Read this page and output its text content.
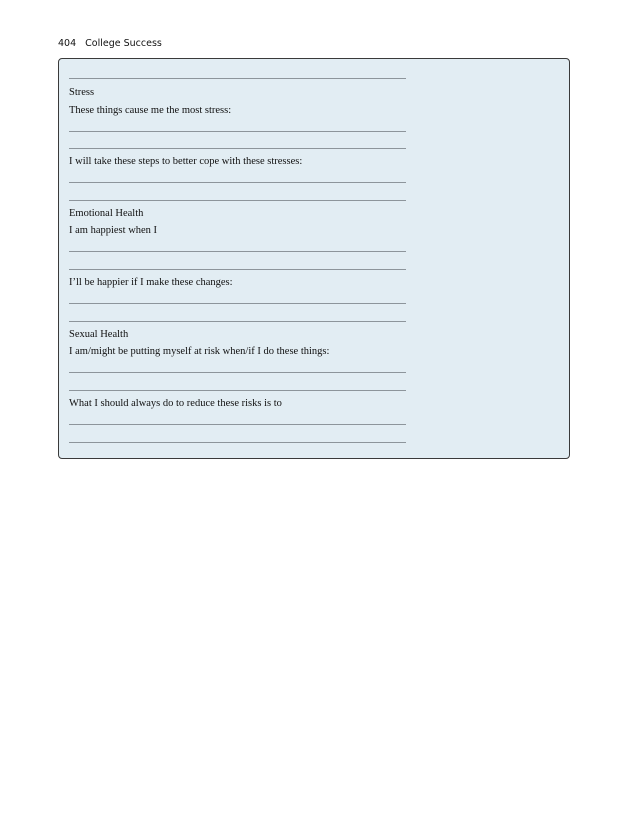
404 College Success
Stress
These things cause me the most stress:
I will take these steps to better cope with these stresses:
Emotional Health
I am happiest when I
I’ll be happier if I make these changes:
Sexual Health
I am/might be putting myself at risk when/if I do these things:
What I should always do to reduce these risks is to
